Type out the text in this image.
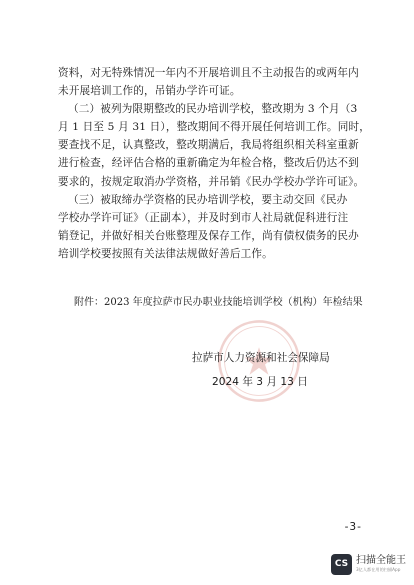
资料，对无特殊情况一年内不开展培训且不主动报告的或两年内

未开展培训工作的，吊销办学许可证。

（二）被列为限期整改的民办培训学校，整改期为 3 个月（3

月 1 日至 5 月 31 日），整改期间不得开展任何培训工作。同时，

要查找不足，认真整改，整改期满后，我局将组织相关科室重新

进行检查，经评估合格的重新确定为年检合格，整改后仍达不到

要求的，按规定取消办学资格，并吊销《民办学校办学许可证》。

（三）被取缔办学资格的民办培训学校，要主动交回《民办

学校办学许可证》（正副本），并及时到市人社局就促科进行注

销登记，并做好相关台账整理及保存工作，尚有债权债务的民办

培训学校要按照有关法律法规做好善后工作。

附件：2023 年度拉萨市民办职业技能培训学校（机构）年检结果
拉萨市人力资源和社会保障局
2024 年 3 月 13 日
-3-
CS 扫描全能王
3亿人都在用的扫描App
